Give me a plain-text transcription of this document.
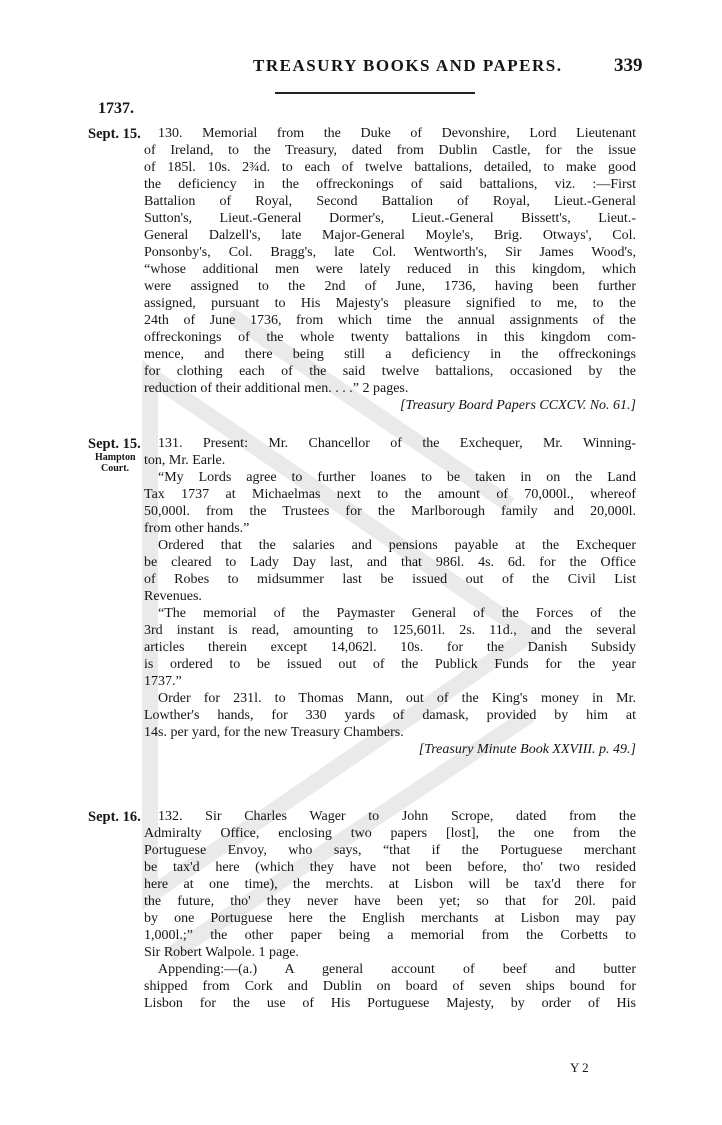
TREASURY BOOKS AND PAPERS.	339
1737.
Sept. 15.	130. Memorial from the Duke of Devonshire, Lord Lieutenant
of Ireland, to the Treasury, dated from Dublin Castle, for the issue
of 185l. 10s. 2¾d. to each of twelve battalions, detailed, to make good
the deficiency in the offreckonings of said battalions, viz. :—First
Battalion of Royal, Second Battalion of Royal, Lieut.-General
Sutton's, Lieut.-General Dormer's, Lieut.-General Bissett's, Lieut.-
General Dalzell's, late Major-General Moyle's, Brig. Otways', Col.
Ponsonby's, Col. Bragg's, late Col. Wentworth's, Sir James Wood's,
“whose additional men were lately reduced in this kingdom, which
were assigned to the 2nd of June, 1736, having been further
assigned, pursuant to His Majesty's pleasure signified to me, to the
24th of June 1736, from which time the annual assignments of the
offreckonings of the whole twenty battalions in this kingdom com-
mence, and there being still a deficiency in the offreckonings
for clothing each of the said twelve battalions, occasioned by the
reduction of their additional men. . . .” 2 pages.
[Treasury Board Papers CCXCV. No. 61.]
Sept. 15.
Hampton Court.
131. Present: Mr. Chancellor of the Exchequer, Mr. Winning-
ton, Mr. Earle.
“My Lords agree to further loanes to be taken in on the Land
Tax 1737 at Michaelmas next to the amount of 70,000l., whereof
50,000l. from the Trustees for the Marlborough family and 20,000l.
from other hands.”
Ordered that the salaries and pensions payable at the Exchequer
be cleared to Lady Day last, and that 986l. 4s. 6d. for the Office
of Robes to midsummer last be issued out of the Civil List
Revenues.
“The memorial of the Paymaster General of the Forces of the
3rd instant is read, amounting to 125,601l. 2s. 11d., and the several
articles therein except 14,062l. 10s. for the Danish Subsidy
is ordered to be issued out of the Publick Funds for the year
1737.”
Order for 231l. to Thomas Mann, out of the King's money in Mr.
Lowther's hands, for 330 yards of damask, provided by him at
14s. per yard, for the new Treasury Chambers.
[Treasury Minute Book XXVIII. p. 49.]
Sept. 16.	132. Sir Charles Wager to John Scrope, dated from the
Admiralty Office, enclosing two papers [lost], the one from the
Portuguese Envoy, who says, “that if the Portuguese merchant
be tax'd here (which they have not been before, tho' two resided
here at one time), the merchts. at Lisbon will be tax'd there for
the future, tho' they never have been yet; so that for 20l. paid
by one Portuguese here the English merchants at Lisbon may pay
1,000l.;” the other paper being a memorial from the Corbetts to
Sir Robert Walpole. 1 page.
Appending:—(a.) A general account of beef and butter
shipped from Cork and Dublin on board of seven ships bound for
Lisbon for the use of His Portuguese Majesty, by order of His
Y 2
